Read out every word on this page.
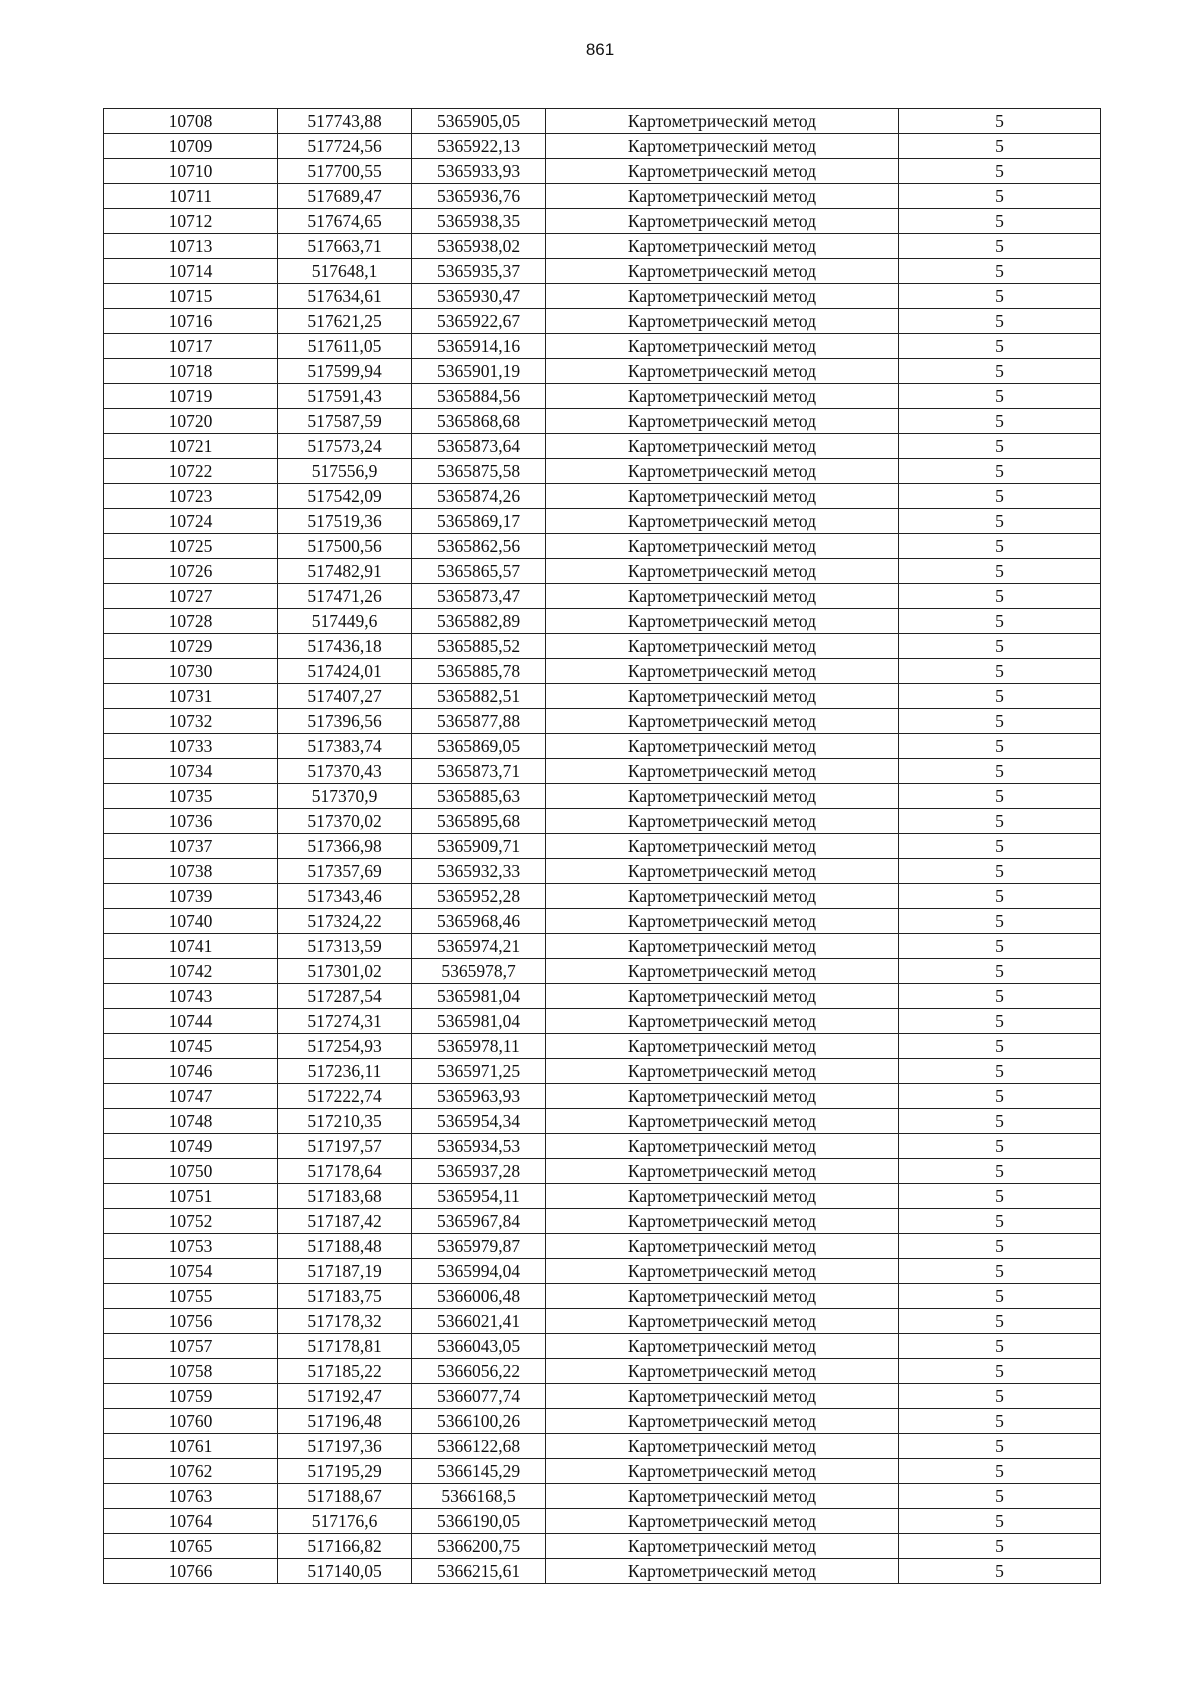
861
10708	517743,88	5365905,05	Картометрический метод	5
10709	517724,56	5365922,13	Картометрический метод	5
10710	517700,55	5365933,93	Картометрический метод	5
10711	517689,47	5365936,76	Картометрический метод	5
10712	517674,65	5365938,35	Картометрический метод	5
10713	517663,71	5365938,02	Картометрический метод	5
10714	517648,1	5365935,37	Картометрический метод	5
10715	517634,61	5365930,47	Картометрический метод	5
10716	517621,25	5365922,67	Картометрический метод	5
10717	517611,05	5365914,16	Картометрический метод	5
10718	517599,94	5365901,19	Картометрический метод	5
10719	517591,43	5365884,56	Картометрический метод	5
10720	517587,59	5365868,68	Картометрический метод	5
10721	517573,24	5365873,64	Картометрический метод	5
10722	517556,9	5365875,58	Картометрический метод	5
10723	517542,09	5365874,26	Картометрический метод	5
10724	517519,36	5365869,17	Картометрический метод	5
10725	517500,56	5365862,56	Картометрический метод	5
10726	517482,91	5365865,57	Картометрический метод	5
10727	517471,26	5365873,47	Картометрический метод	5
10728	517449,6	5365882,89	Картометрический метод	5
10729	517436,18	5365885,52	Картометрический метод	5
10730	517424,01	5365885,78	Картометрический метод	5
10731	517407,27	5365882,51	Картометрический метод	5
10732	517396,56	5365877,88	Картометрический метод	5
10733	517383,74	5365869,05	Картометрический метод	5
10734	517370,43	5365873,71	Картометрический метод	5
10735	517370,9	5365885,63	Картометрический метод	5
10736	517370,02	5365895,68	Картометрический метод	5
10737	517366,98	5365909,71	Картометрический метод	5
10738	517357,69	5365932,33	Картометрический метод	5
10739	517343,46	5365952,28	Картометрический метод	5
10740	517324,22	5365968,46	Картометрический метод	5
10741	517313,59	5365974,21	Картометрический метод	5
10742	517301,02	5365978,7	Картометрический метод	5
10743	517287,54	5365981,04	Картометрический метод	5
10744	517274,31	5365981,04	Картометрический метод	5
10745	517254,93	5365978,11	Картометрический метод	5
10746	517236,11	5365971,25	Картометрический метод	5
10747	517222,74	5365963,93	Картометрический метод	5
10748	517210,35	5365954,34	Картометрический метод	5
10749	517197,57	5365934,53	Картометрический метод	5
10750	517178,64	5365937,28	Картометрический метод	5
10751	517183,68	5365954,11	Картометрический метод	5
10752	517187,42	5365967,84	Картометрический метод	5
10753	517188,48	5365979,87	Картометрический метод	5
10754	517187,19	5365994,04	Картометрический метод	5
10755	517183,75	5366006,48	Картометрический метод	5
10756	517178,32	5366021,41	Картометрический метод	5
10757	517178,81	5366043,05	Картометрический метод	5
10758	517185,22	5366056,22	Картометрический метод	5
10759	517192,47	5366077,74	Картометрический метод	5
10760	517196,48	5366100,26	Картометрический метод	5
10761	517197,36	5366122,68	Картометрический метод	5
10762	517195,29	5366145,29	Картометрический метод	5
10763	517188,67	5366168,5	Картометрический метод	5
10764	517176,6	5366190,05	Картометрический метод	5
10765	517166,82	5366200,75	Картометрический метод	5
10766	517140,05	5366215,61	Картометрический метод	5
